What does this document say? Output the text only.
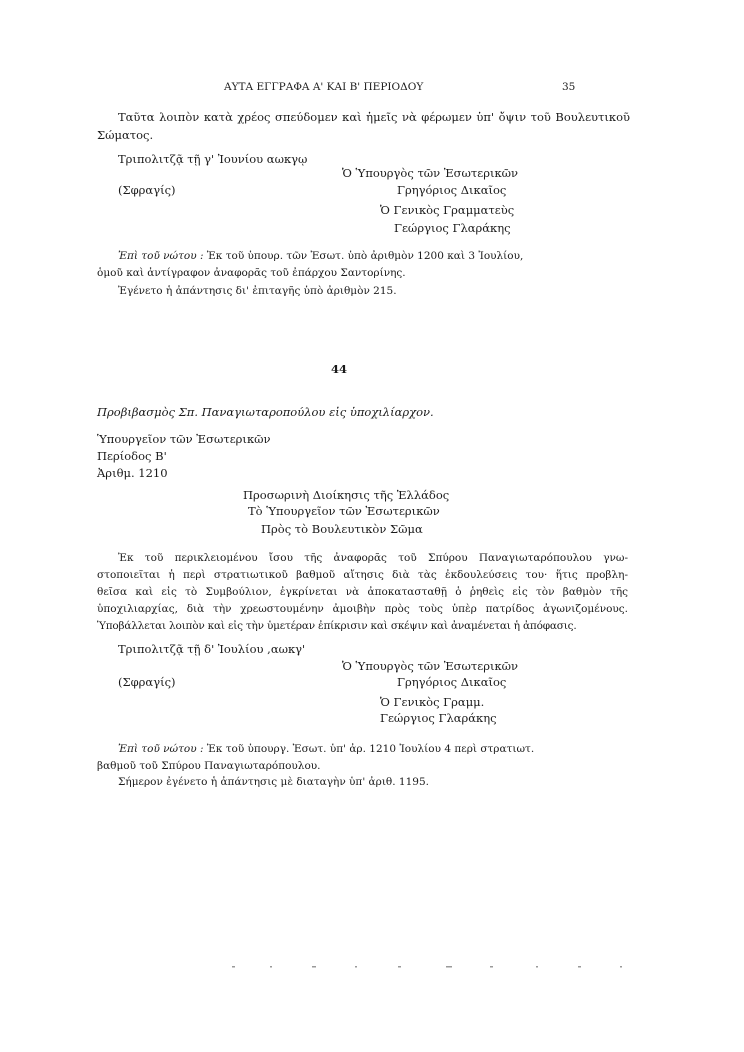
ΑΥΤΑ ΕΓΓΡΑΦΑ Α' ΚΑΙ Β' ΠΕΡΙΟΔΟΥ	35
Ταῦτα λοιπὸν κατὰ χρέος σπεύδομεν καὶ ἡμεῖς νὰ φέρωμεν ὑπ' ὄψιν τοῦ Βουλευτικοῦ
Σώματος.
Τριπολιτζᾷ τῇ γ' Ἰουνίου αωκγῳ
Ὁ Ὑπουργὸς τῶν Ἐσωτερικῶν
(Σφραγίς)	Γρηγόριος Δικαῖος
Ὁ Γενικὸς Γραμματεὺς
Γεώργιος Γλαράκης
Ἐπὶ τοῦ νώτου : Ἐκ τοῦ ὑπουρ. τῶν Ἐσωτ. ὑπὸ ἀριθμὸν 1200 καὶ 3 Ἰουλίου,
ὁμοῦ καὶ ἀντίγραφον ἀναφορᾶς τοῦ ἐπάρχου Σαντορίνης.
Ἐγένετο ἡ ἀπάντησις δι' ἐπιταγῆς ὑπὸ ἀριθμὸν 215.
44
Προβιβασμὸς Σπ. Παναγιωταροπούλου εἰς ὑποχιλίαρχον.
Ὑπουργεῖον τῶν Ἐσωτερικῶν
Περίοδος Β'
Ἀριθμ. 1210
Προσωρινὴ Διοίκησις τῆς Ἑλλάδος
Τὸ Ὑπουργεῖον τῶν Ἐσωτερικῶν
Πρὸς τὸ Βουλευτικὸν Σῶμα
Ἐκ τοῦ περικλειομένου ἴσου τῆς ἀναφορᾶς τοῦ Σπύρου Παναγιωταρόπουλου γνω-
στοποιεῖται ἡ περὶ στρατιωτικοῦ βαθμοῦ αἴτησις διὰ τὰς ἐκδουλεύσεις του· ἥτις προβλη-
θεῖσα καὶ εἰς τὸ Συμβούλιον, ἐγκρίνεται νὰ ἀποκατασταθῇ ὁ ῥηθεὶς εἰς τὸν βαθμὸν τῆς
ὑποχιλιαρχίας, διὰ τὴν χρεωστουμένην ἀμοιβὴν πρὸς τοὺς ὑπὲρ πατρίδος ἀγωνιζομένους.
Ὑποβάλλεται λοιπὸν καὶ εἰς τὴν ὑμετέραν ἐπίκρισιν καὶ σκέψιν καὶ ἀναμένεται ἡ ἀπόφασις.
Τριπολιτζᾷ τῇ δ' Ἰουλίου ,αωκγ'
Ὁ Ὑπουργὸς τῶν Ἐσωτερικῶν
(Σφραγίς)	Γρηγόριος Δικαῖος
Ὁ Γενικὸς Γραμμ.
Γεώργιος Γλαράκης
Ἐπὶ τοῦ νώτου : Ἐκ τοῦ ὑπουργ. Ἐσωτ. ὑπ' ἀρ. 1210 Ἰουλίου 4 περὶ στρατιωτ.
βαθμοῦ τοῦ Σπύρου Παναγιωταρόπουλου.
Σήμερον ἐγένετο ἡ ἀπάντησις μὲ διαταγὴν ὑπ' ἀριθ. 1195.
